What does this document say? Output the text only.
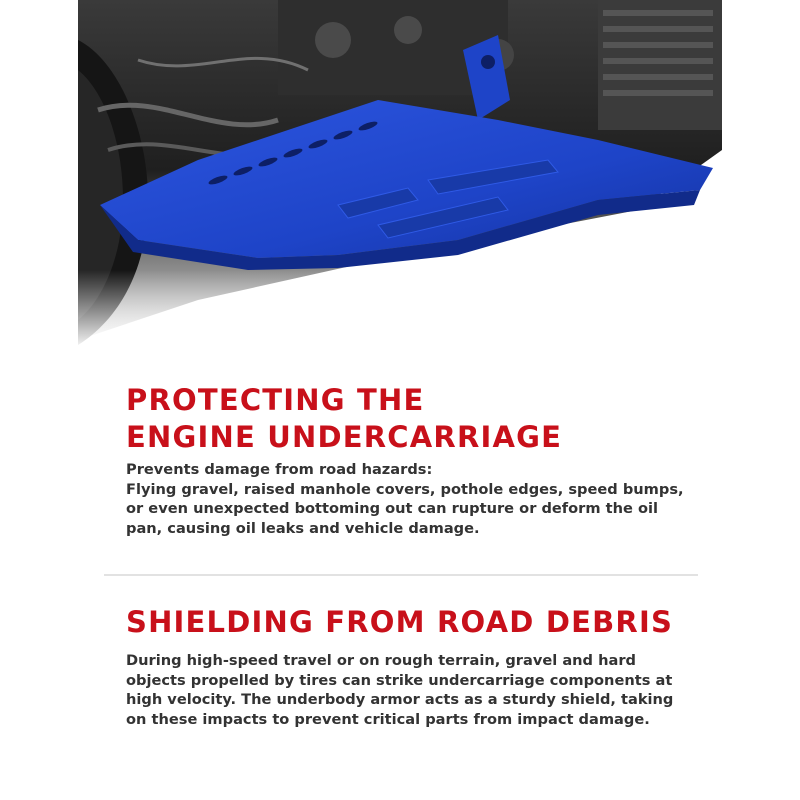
PROTECTING THE
ENGINE UNDERCARRIAGE

Prevents damage from road hazards:
Flying gravel, raised manhole covers, pothole edges, speed bumps, or even unexpected bottoming out can rupture or deform the oil pan, causing oil leaks and vehicle damage.

SHIELDING FROM ROAD DEBRIS

During high-speed travel or on rough terrain, gravel and hard objects propelled by tires can strike undercarriage components at high velocity. The underbody armor acts as a sturdy shield, taking on these impacts to prevent critical parts from impact damage.
